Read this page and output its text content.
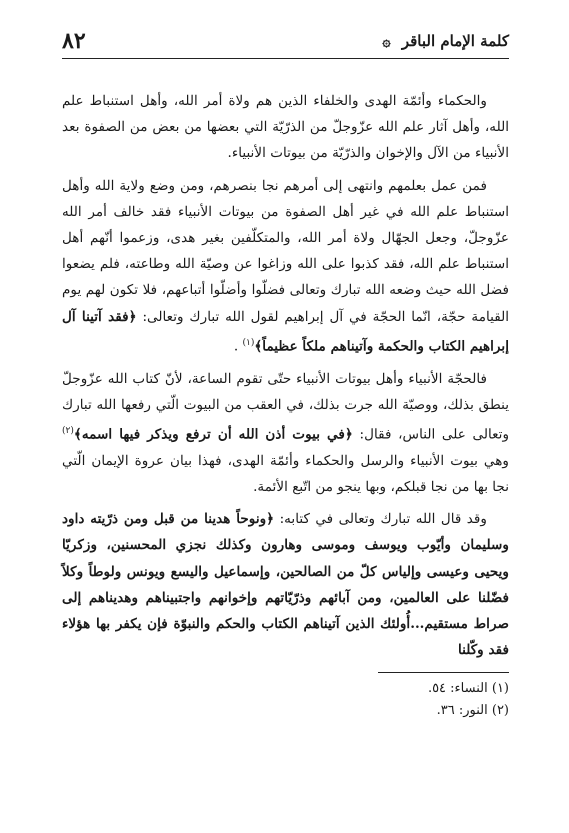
٨٢	كلمة الإمام الباقر ۞

والحكماء وأئمّة الهدى والخلفاء الذين هم ولاة أمر الله، وأهل استنباط علم الله، وأهل آثار علم الله عزّوجلّ من الذرّيّة التي بعضها من بعض من الصفوة بعد الأنبياء من الآل والإخوان والذرّيّة من بيوتات الأنبياء.

فمن عمل بعلمهم وانتهى إلى أمرهم نجا بنصرهم، ومن وضع ولاية الله وأهل استنباط علم الله في غير أهل الصفوة من بيوتات الأنبياء فقد خالف أمر الله عزّوجلّ، وجعل الجهّال ولاة أمر الله، والمتكلّفين بغير هدى، وزعموا أنّهم أهل استنباط علم الله، فقد كذبوا على الله وزاغوا عن وصيّة الله وطاعته، فلم يضعوا فضل الله حيث وضعه الله تبارك وتعالى فضلّوا وأضلّوا أتباعهم، فلا تكون لهم يوم القيامة حجّة، انّما الحجّة في آل إبراهيم لقول الله تبارك وتعالى: ﴿فقد آتينا آل إبراهيم الكتاب والحكمة وآتيناهم ملكاً عظيماً﴾$^{(١)}$ .

فالحجّة الأنبياء وأهل بيوتات الأنبياء حتّى تقوم الساعة، لأنّ كتاب الله عزّوجلّ ينطق بذلك، ووصيّة الله جرت بذلك، في العقب من البيوت الّتي رفعها الله تبارك وتعالى على الناس، فقال: ﴿في بيوت أذن الله أن ترفع ويذكر فيها اسمه﴾$^{(٢)}$ وهي بيوت الأنبياء والرسل والحكماء وأئمّة الهدى، فهذا بيان عروة الإيمان الّتي نجا بها من نجا قبلكم، وبها ينجو من اتّبع الأئمة.

وقد قال الله تبارك وتعالى في كتابه: ﴿ونوحاً هدينا من قبل ومن ذرّيته داود وسليمان وأيّوب ويوسف وموسى وهارون وكذلك نجزي المحسنين، وزكريّا ويحيى وعيسى وإلياس كلّ من الصالحين، وإسماعيل واليسع ويونس ولوطاً وكلاً فضّلنا على العالمين، ومن آبائهم وذرّيّاتهم وإخوانهم واجتبيناهم وهديناهم إلى صراط مستقيم...أُولئك الذين آتيناهم الكتاب والحكم والنبوّة فإن يكفر بها هؤلاء فقد وكّلنا

(١) النساء: ٥٤.

(٢) النور: ٣٦.
